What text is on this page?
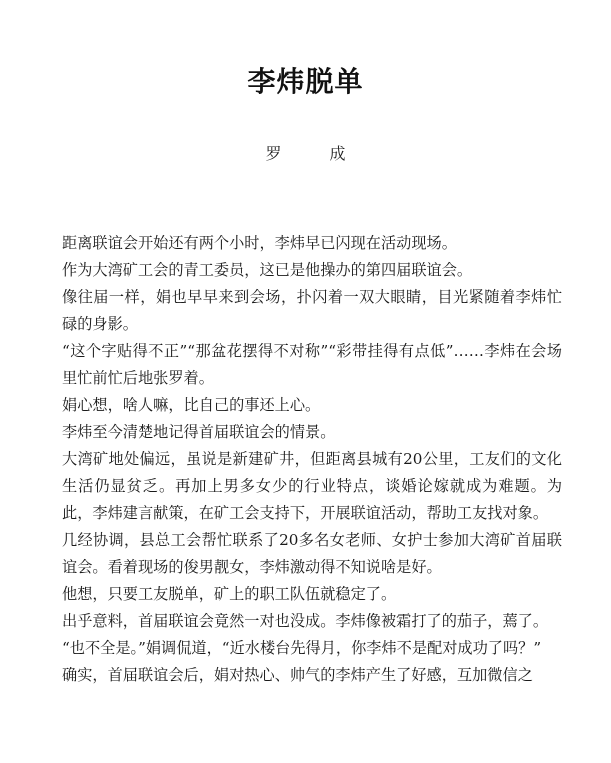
李炜脱单
罗　成

距离联谊会开始还有两个小时，李炜早已闪现在活动现场。

作为大湾矿工会的青工委员，这已是他操办的第四届联谊会。

像往届一样，娟也早早来到会场，扑闪着一双大眼睛，目光紧随着李炜忙碌的身影。

“这个字贴得不正”“那盆花摆得不对称”“彩带挂得有点低”……李炜在会场里忙前忙后地张罗着。

娟心想，啥人嘛，比自己的事还上心。

李炜至今清楚地记得首届联谊会的情景。

大湾矿地处偏远，虽说是新建矿井，但距离县城有20公里，工友们的文化生活仍显贫乏。再加上男多女少的行业特点，谈婚论嫁就成为难题。为此，李炜建言献策，在矿工会支持下，开展联谊活动，帮助工友找对象。

几经协调，县总工会帮忙联系了20多名女老师、女护士参加大湾矿首届联谊会。看着现场的俊男靓女，李炜激动得不知说啥是好。

他想，只要工友脱单，矿上的职工队伍就稳定了。

出乎意料，首届联谊会竟然一对也没成。李炜像被霜打了的茄子，蔫了。

“也不全是。”娟调侃道，“近水楼台先得月，你李炜不是配对成功了吗？”

确实，首届联谊会后，娟对热心、帅气的李炜产生了好感，互加微信之
